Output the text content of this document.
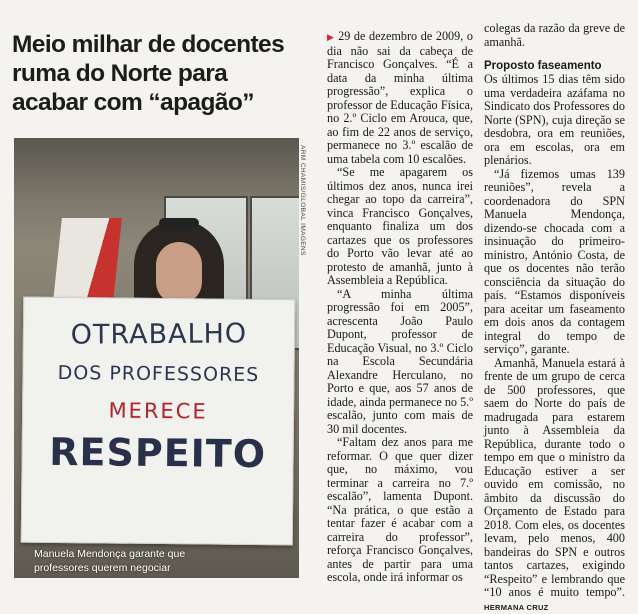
Meio milhar de docentes
ruma do Norte para
acabar com “apagão”
ARM CHAMIS/GLOBAL IMAGENS
OTRABALHO
DOS PROFESSORES
MERECE
RESPEITO
Manuela Mendonça garante que professores querem negociar

▶ 29 de dezembro de 2009, o dia não sai da cabeça de Francisco Gonçalves. “É a data da minha última progressão”, explica o professor de Educação Física, no 2.º Ciclo em Arouca, que, ao fim de 22 anos de serviço, permanece no 3.º escalão de uma tabela com 10 escalões.

“Se me apagarem os últimos dez anos, nunca irei chegar ao topo da carreira”, vinca Francisco Gonçalves, enquanto finaliza um dos cartazes que os professores do Porto vão levar até ao protesto de amanhã, junto à Assembleia a República.

“A minha última progressão foi em 2005”, acrescenta João Paulo Dupont, professor de Educação Visual, no 3.º Ciclo na Escola Secundária Alexandre Herculano, no Porto e que, aos 57 anos de idade, ainda permanece no 5.º escalão, junto com mais de 30 mil docentes.

“Faltam dez anos para me reformar. O que quer dizer que, no máximo, vou terminar a carreira no 7.º escalão”, lamenta Dupont. “Na prática, o que estão a tentar fazer é acabar com a carreira do professor”, reforça Francisco Gonçalves, antes de partir para uma escola, onde irá informar os

colegas da razão da greve de amanhã.

Proposto faseamento

Os últimos 15 dias têm sido uma verdadeira azáfama no Sindicato dos Professores do Norte (SPN), cuja direção se desdobra, ora em reuniões, ora em escolas, ora em plenários.

“Já fizemos umas 139 reuniões”, revela a coordenadora do SPN Manuela Mendonça, dizendo-se chocada com a insinuação do primeiro-ministro, António Costa, de que os docentes não terão consciência da situação do país. “Estamos disponíveis para aceitar um faseamento em dois anos da contagem integral do tempo de serviço”, garante.

Amanhã, Manuela estará à frente de um grupo de cerca de 500 professores, que saem do Norte do país de madrugada para estarem junto à Assembleia da República, durante todo o tempo em que o ministro da Educação estiver a ser ouvido em comissão, no âmbito da discussão do Orçamento de Estado para 2018. Com eles, os docentes levam, pelo menos, 400 bandeiras do SPN e outros tantos cartazes, exigindo “Respeito” e lembrando que “10 anos é muito tempo”. HERMANA CRUZ
